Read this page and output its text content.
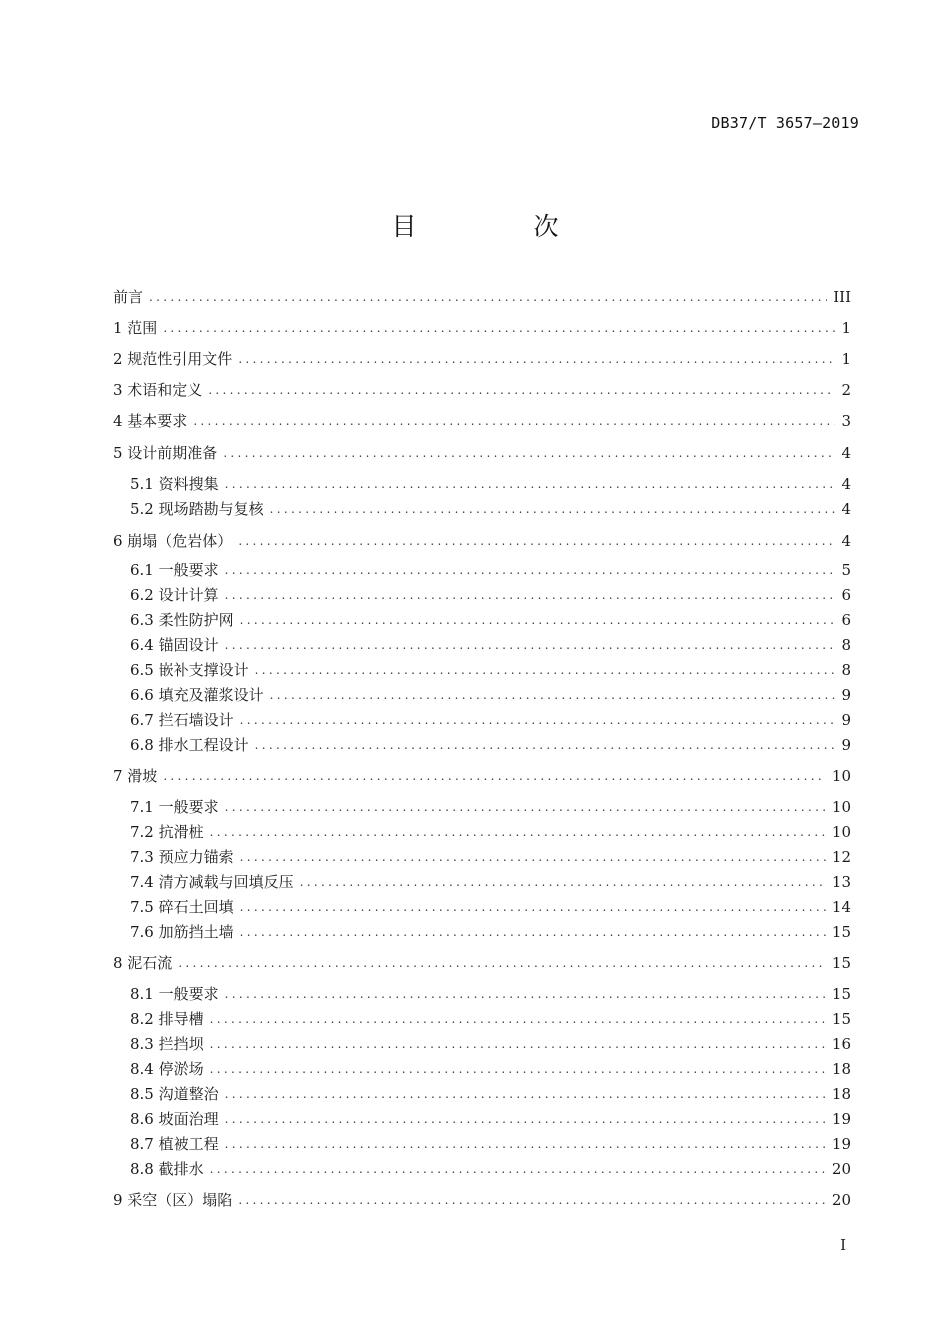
DB37/T 3657—2019
目　次
前言 .....	III
1 范围 .....	1
2 规范性引用文件 .....	1
3 术语和定义 .....	2
4 基本要求 .....	3
5 设计前期准备 .....	4
5.1 资料搜集 .....	4
5.2 现场踏勘与复核 .....	4
6 崩塌（危岩体） .....	4
6.1 一般要求 .....	5
6.2 设计计算 .....	6
6.3 柔性防护网 .....	6
6.4 锚固设计 .....	8
6.5 嵌补支撑设计 .....	8
6.6 填充及灌浆设计 .....	9
6.7 拦石墙设计 .....	9
6.8 排水工程设计 .....	9
7 滑坡 .....	10
7.1 一般要求 .....	10
7.2 抗滑桩 .....	10
7.3 预应力锚索 .....	12
7.4 清方减载与回填反压 .....	13
7.5 碎石土回填 .....	14
7.6 加筋挡土墙 .....	15
8 泥石流 .....	15
8.1 一般要求 .....	15
8.2 排导槽 .....	15
8.3 拦挡坝 .....	16
8.4 停淤场 .....	18
8.5 沟道整治 .....	18
8.6 坡面治理 .....	19
8.7 植被工程 .....	19
8.8 截排水 .....	20
9 采空（区）塌陷 .....	20
I
